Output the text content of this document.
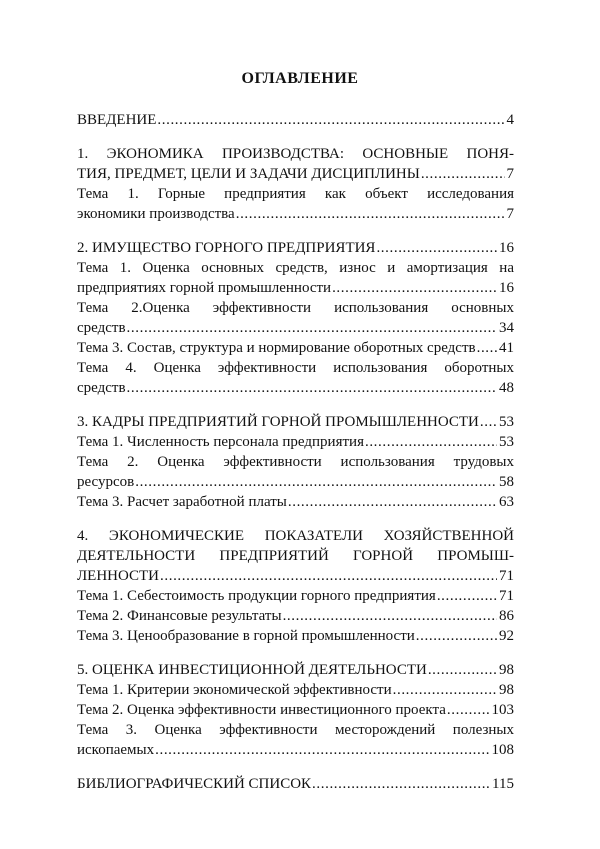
ОГЛАВЛЕНИЕ
ВВЕДЕНИЕ .....	4
1. ЭКОНОМИКА ПРОИЗВОДСТВА: ОСНОВНЫЕ ПОНЯ-
ТИЯ, ПРЕДМЕТ, ЦЕЛИ И ЗАДАЧИ ДИСЦИПЛИНЫ .....	7
Тема 1. Горные предприятия как объект исследования
экономики производства .....	7
2. ИМУЩЕСТВО ГОРНОГО ПРЕДПРИЯТИЯ .....	16
Тема 1. Оценка основных средств, износ и амортизация на
предприятиях горной промышленности .....	16
Тема 2.Оценка эффективности использования основных
средств .....	34
Тема 3. Состав, структура и нормирование оборотных средств ..... 41
Тема 4. Оценка эффективности использования оборотных
средств .....	48
3. КАДРЫ ПРЕДПРИЯТИЙ ГОРНОЙ ПРОМЫШЛЕННОСТИ ..... 53
Тема 1. Численность персонала предприятия .....	53
Тема 2. Оценка эффективности использования трудовых
ресурсов .....	58
Тема 3. Расчет заработной платы .....	63
4. ЭКОНОМИЧЕСКИЕ ПОКАЗАТЕЛИ ХОЗЯЙСТВЕННОЙ
ДЕЯТЕЛЬНОСТИ ПРЕДПРИЯТИЙ ГОРНОЙ ПРОМЫШ-
ЛЕННОСТИ .....	71
Тема 1. Себестоимость продукции горного предприятия .....	71
Тема 2. Финансовые результаты .....	86
Тема 3. Ценообразование в горной промышленности .....	92
5. ОЦЕНКА ИНВЕСТИЦИОННОЙ ДЕЯТЕЛЬНОСТИ .....	98
Тема 1. Критерии экономической эффективности .....	98
Тема 2. Оценка эффективности инвестиционного проекта .....	103
Тема 3. Оценка эффективности месторождений полезных
ископаемых .....	108
БИБЛИОГРАФИЧЕСКИЙ СПИСОК .....	115
